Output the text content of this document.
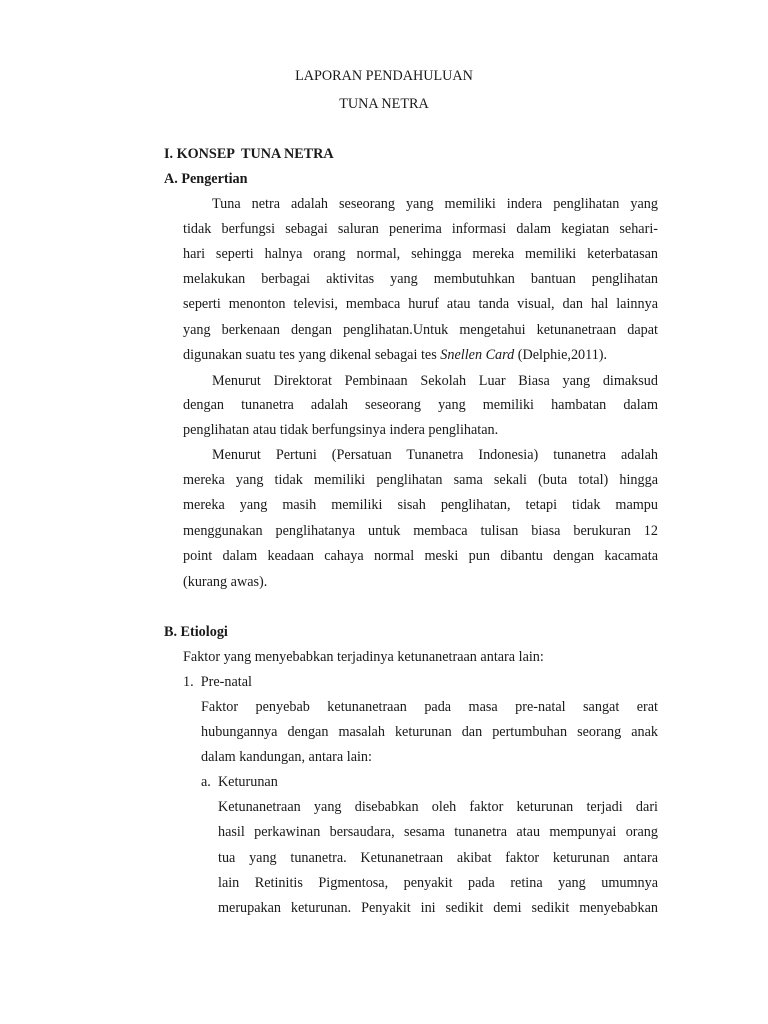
LAPORAN PENDAHULUAN
TUNA NETRA
I. KONSEP  TUNA NETRA
A. Pengertian
Tuna netra adalah seseorang yang memiliki indera penglihatan yang
tidak berfungsi sebagai saluran penerima informasi dalam kegiatan sehari-
hari seperti halnya orang normal, sehingga mereka memiliki keterbatasan
melakukan berbagai aktivitas yang membutuhkan bantuan penglihatan
seperti menonton televisi, membaca huruf atau tanda visual, dan hal lainnya
yang berkenaan dengan penglihatan.Untuk mengetahui ketunanetraan dapat
digunakan suatu tes yang dikenal sebagai tes Snellen Card (Delphie,2011).
Menurut Direktorat Pembinaan Sekolah Luar Biasa yang dimaksud
dengan tunanetra adalah seseorang yang memiliki hambatan dalam
penglihatan atau tidak berfungsinya indera penglihatan.
Menurut Pertuni (Persatuan Tunanetra Indonesia) tunanetra adalah
mereka yang tidak memiliki penglihatan sama sekali (buta total) hingga
mereka yang masih memiliki sisah penglihatan, tetapi tidak mampu
menggunakan penglihatanya untuk membaca tulisan biasa berukuran 12
point dalam keadaan cahaya normal meski pun dibantu dengan kacamata
(kurang awas).
B. Etiologi
Faktor yang menyebabkan terjadinya ketunanetraan antara lain:
1.  Pre-natal
Faktor penyebab ketunanetraan pada masa pre-natal sangat erat
hubungannya dengan masalah keturunan dan pertumbuhan seorang anak
dalam kandungan, antara lain:
a.  Keturunan
Ketunanetraan yang disebabkan oleh faktor keturunan terjadi dari
hasil perkawinan bersaudara, sesama tunanetra atau mempunyai orang
tua yang tunanetra. Ketunanetraan akibat faktor keturunan antara
lain Retinitis Pigmentosa, penyakit pada retina yang umumnya
merupakan keturunan. Penyakit ini sedikit demi sedikit menyebabkan
